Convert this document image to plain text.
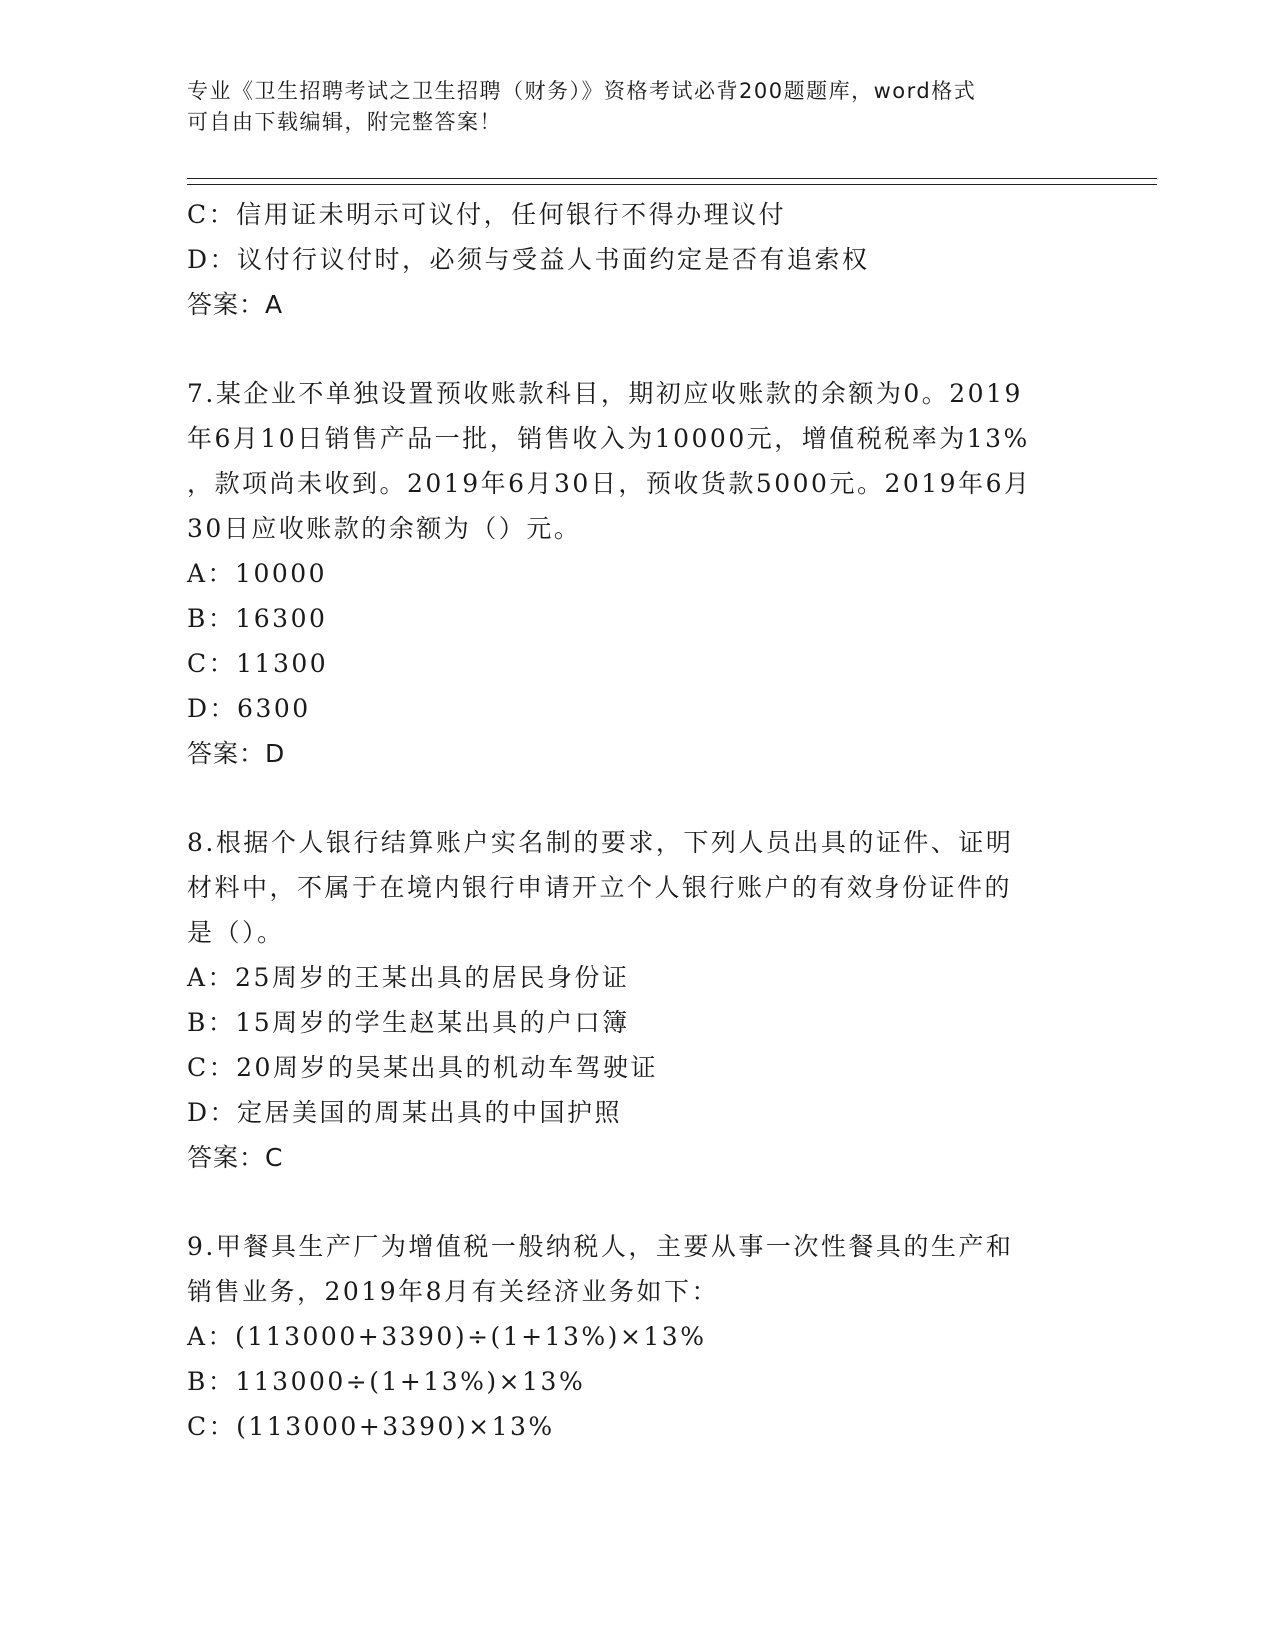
专业《卫生招聘考试之卫生招聘（财务）》资格考试必背200题题库，word格式
可自由下载编辑，附完整答案！
C：信用证未明示可议付，任何银行不得办理议付
D：议付行议付时，必须与受益人书面约定是否有追索权
答案：A
7.某企业不单独设置预收账款科目，期初应收账款的余额为0。2019
年6月10日销售产品一批，销售收入为10000元，增值税税率为13%
，款项尚未收到。2019年6月30日，预收货款5000元。2019年6月
30日应收账款的余额为（）元。
A：10000
B：16300
C：11300
D：6300
答案：D
8.根据个人银行结算账户实名制的要求，下列人员出具的证件、证明
材料中，不属于在境内银行申请开立个人银行账户的有效身份证件的
是（）。
A：25周岁的王某出具的居民身份证
B：15周岁的学生赵某出具的户口簿
C：20周岁的吴某出具的机动车驾驶证
D：定居美国的周某出具的中国护照
答案：C
9.甲餐具生产厂为增值税一般纳税人，主要从事一次性餐具的生产和
销售业务，2019年8月有关经济业务如下：
A：(113000+3390)÷(1+13%)×13%
B：113000÷(1+13%)×13%
C：(113000+3390)×13%
